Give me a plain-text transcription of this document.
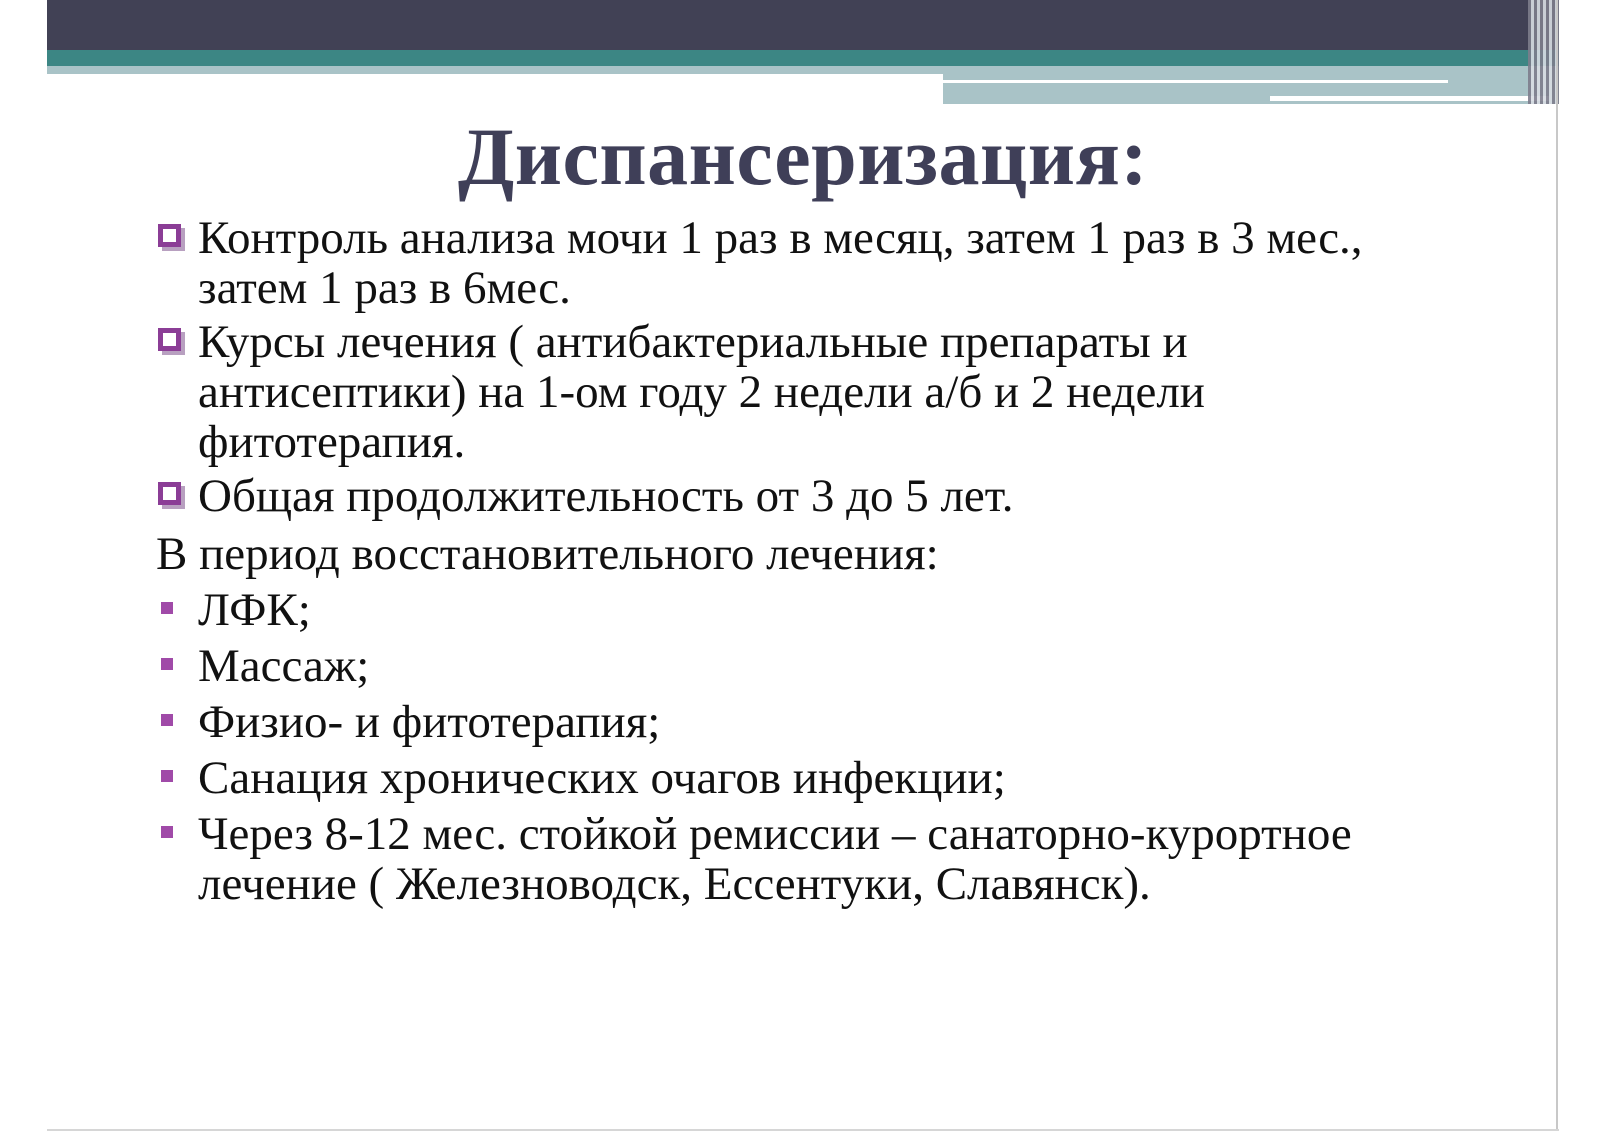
Диспансеризация:
Контроль анализа мочи 1 раз в месяц, затем 1 раз в 3 мес., затем 1 раз в 6мес.
Курсы лечения ( антибактериальные препараты и антисептики) на 1-ом году 2 недели а/б и 2 недели фитотерапия.
Общая продолжительность от 3 до 5 лет.
В период восстановительного лечения:
ЛФК;
Массаж;
Физио- и фитотерапия;
Санация хронических очагов инфекции;
Через 8-12 мес. стойкой ремиссии – санаторно-курортное лечение ( Железноводск, Ессентуки, Славянск).
